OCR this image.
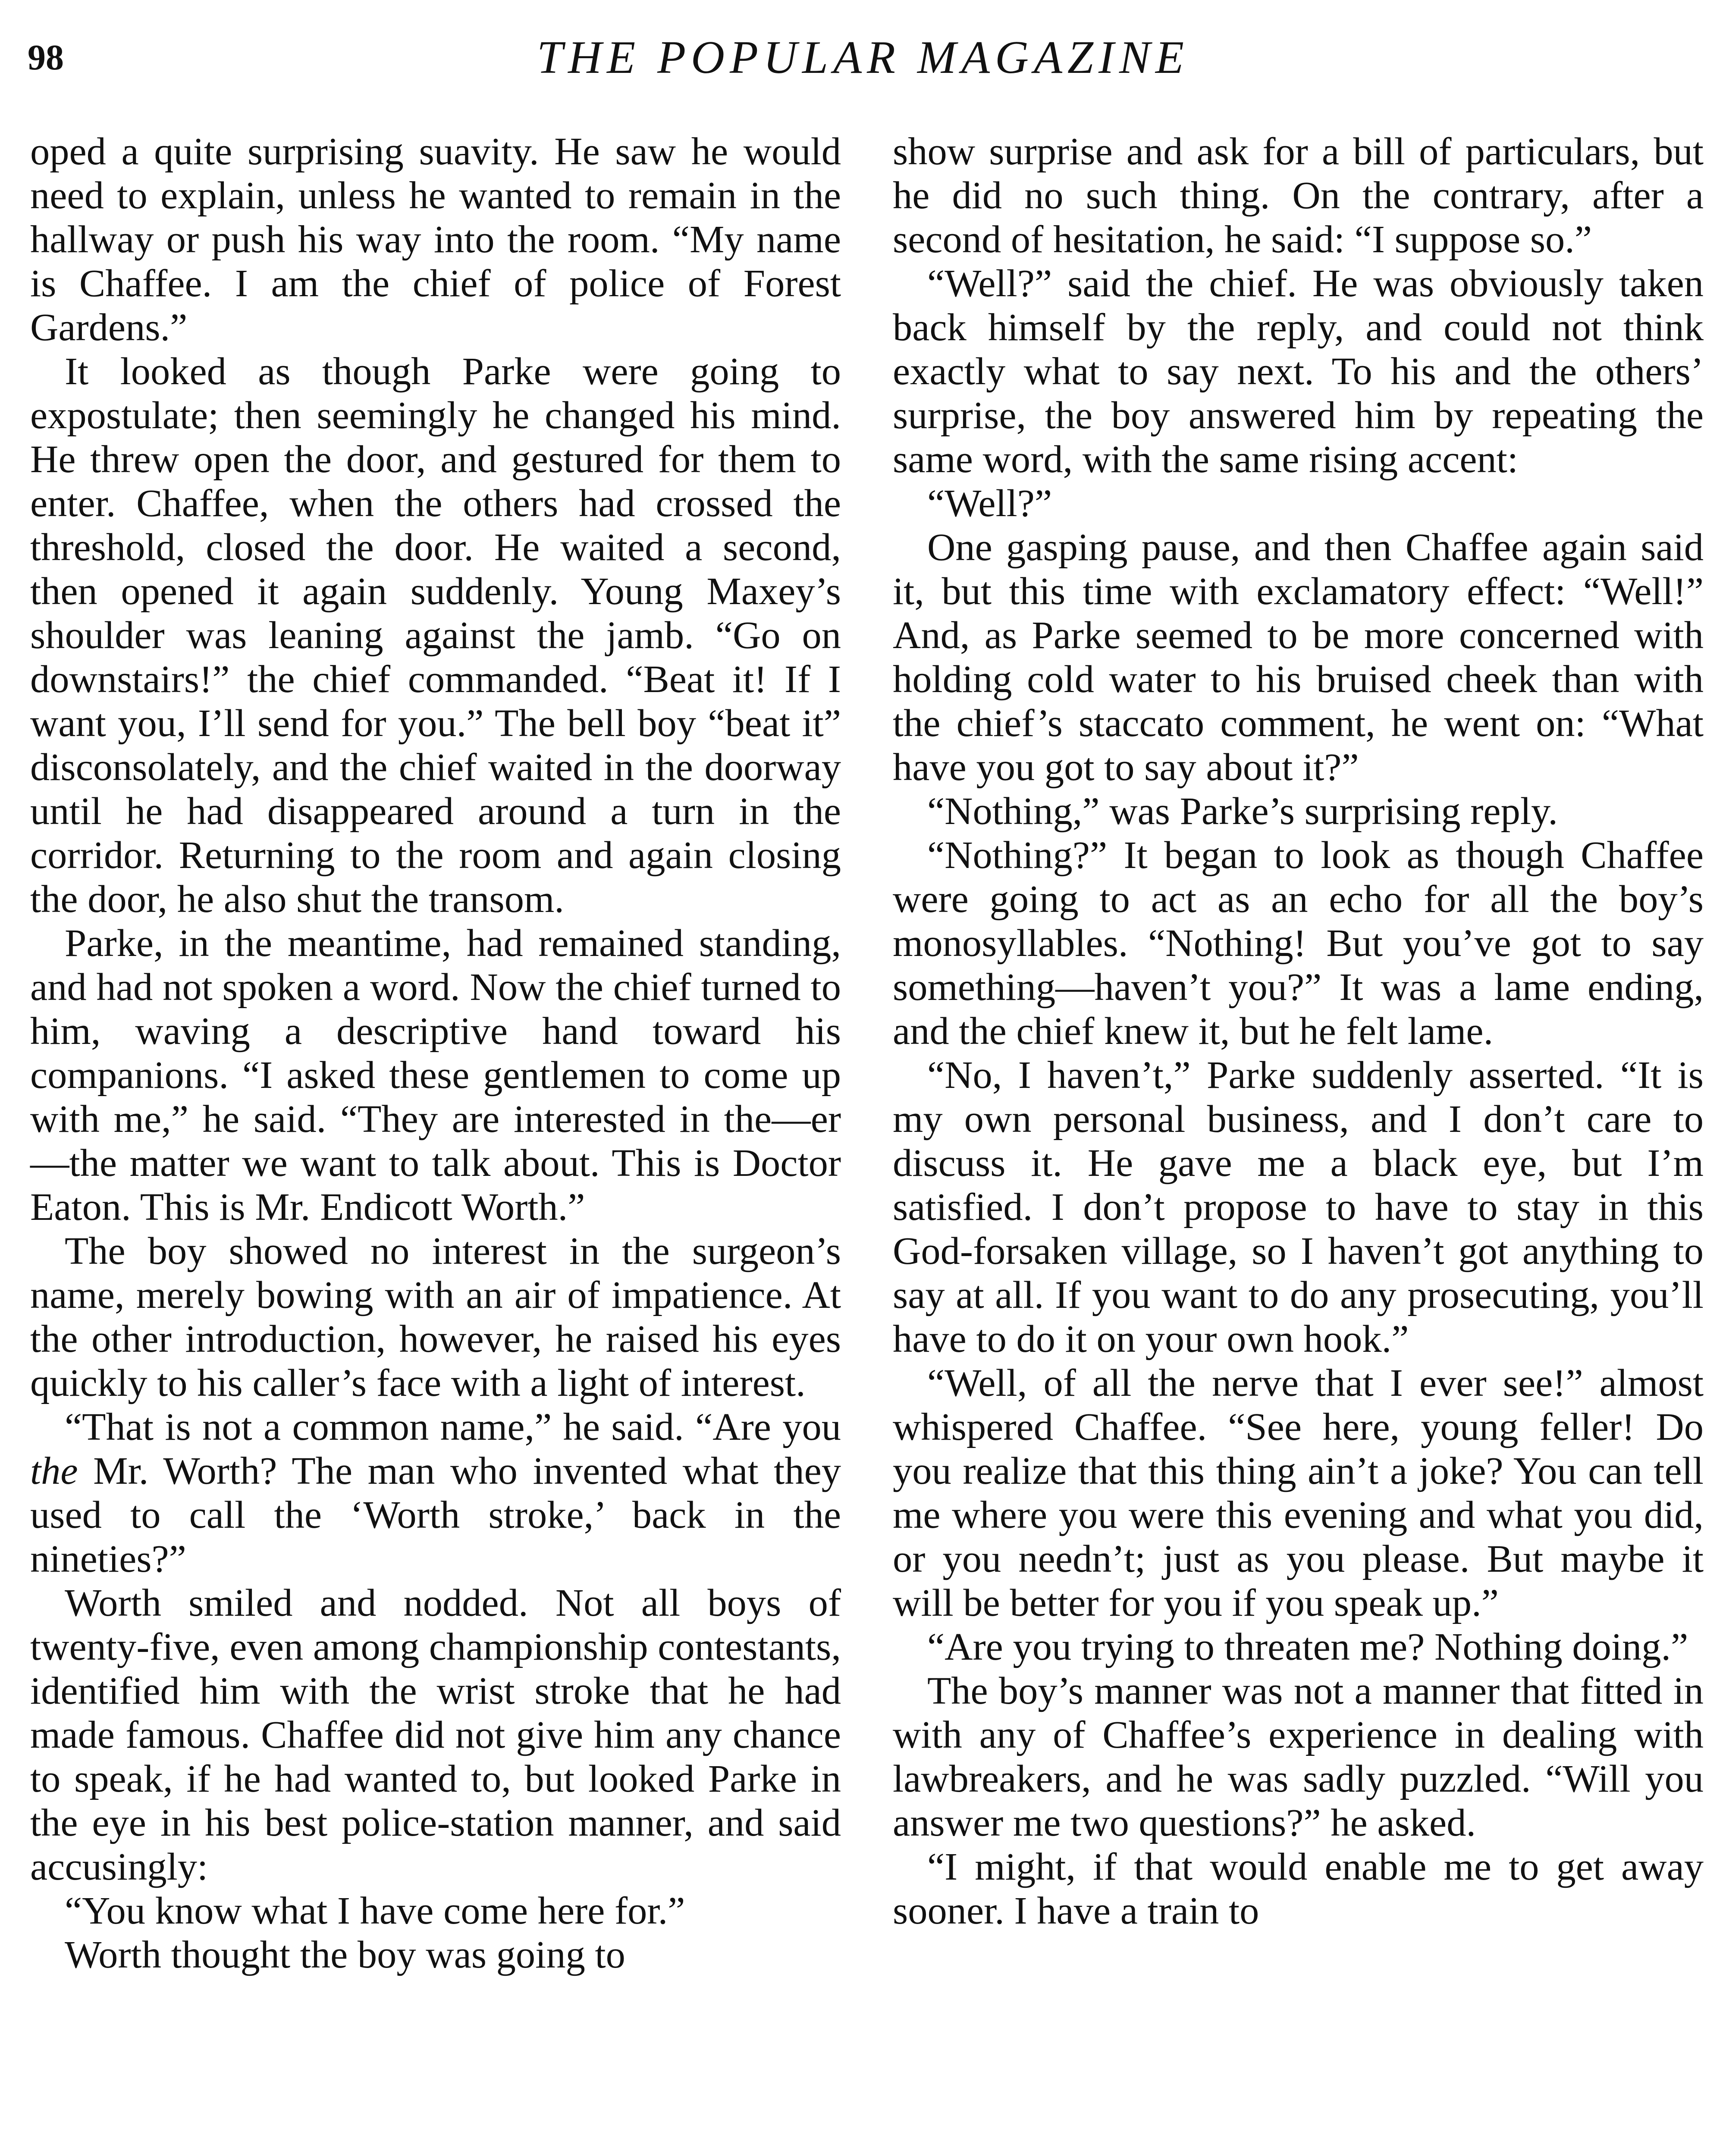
98	THE POPULAR MAGAZINE

oped a quite surprising suavity. He saw he would need to explain, unless he wanted to remain in the hallway or push his way into the room. “My name is Chaffee. I am the chief of police of Forest Gardens.”

It looked as though Parke were going to expostulate; then seemingly he changed his mind. He threw open the door, and gestured for them to enter. Chaffee, when the others had crossed the threshold, closed the door. He waited a second, then opened it again suddenly. Young Maxey’s shoulder was leaning against the jamb. “Go on downstairs!” the chief commanded. “Beat it! If I want you, I’ll send for you.” The bell boy “beat it” disconsolately, and the chief waited in the doorway until he had disappeared around a turn in the corridor. Returning to the room and again closing the door, he also shut the transom.

Parke, in the meantime, had remained standing, and had not spoken a word. Now the chief turned to him, waving a descriptive hand toward his companions. “I asked these gentlemen to come up with me,” he said. “They are interested in the—er—the matter we want to talk about. This is Doctor Eaton. This is Mr. Endicott Worth.”

The boy showed no interest in the surgeon’s name, merely bowing with an air of impatience. At the other introduction, however, he raised his eyes quickly to his caller’s face with a light of interest.

“That is not a common name,” he said. “Are you the Mr. Worth? The man who invented what they used to call the ‘Worth stroke,’ back in the nineties?”

Worth smiled and nodded. Not all boys of twenty-five, even among championship contestants, identified him with the wrist stroke that he had made famous. Chaffee did not give him any chance to speak, if he had wanted to, but looked Parke in the eye in his best police-station manner, and said accusingly:

“You know what I have come here for.”

Worth thought the boy was going to

show surprise and ask for a bill of particulars, but he did no such thing. On the contrary, after a second of hesitation, he said: “I suppose so.”

“Well?” said the chief. He was obviously taken back himself by the reply, and could not think exactly what to say next. To his and the others’ surprise, the boy answered him by repeating the same word, with the same rising accent:

“Well?”

One gasping pause, and then Chaffee again said it, but this time with exclamatory effect: “Well!” And, as Parke seemed to be more concerned with holding cold water to his bruised cheek than with the chief’s staccato comment, he went on: “What have you got to say about it?”

“Nothing,” was Parke’s surprising reply.

“Nothing?” It began to look as though Chaffee were going to act as an echo for all the boy’s monosyllables. “Nothing! But you’ve got to say something—haven’t you?” It was a lame ending, and the chief knew it, but he felt lame.

“No, I haven’t,” Parke suddenly asserted. “It is my own personal business, and I don’t care to discuss it. He gave me a black eye, but I’m satisfied. I don’t propose to have to stay in this God-forsaken village, so I haven’t got anything to say at all. If you want to do any prosecuting, you’ll have to do it on your own hook.”

“Well, of all the nerve that I ever see!” almost whispered Chaffee. “See here, young feller! Do you realize that this thing ain’t a joke? You can tell me where you were this evening and what you did, or you needn’t; just as you please. But maybe it will be better for you if you speak up.”

“Are you trying to threaten me? Nothing doing.”

The boy’s manner was not a manner that fitted in with any of Chaffee’s experience in dealing with lawbreakers, and he was sadly puzzled. “Will you answer me two questions?” he asked.

“I might, if that would enable me to get away sooner. I have a train to
